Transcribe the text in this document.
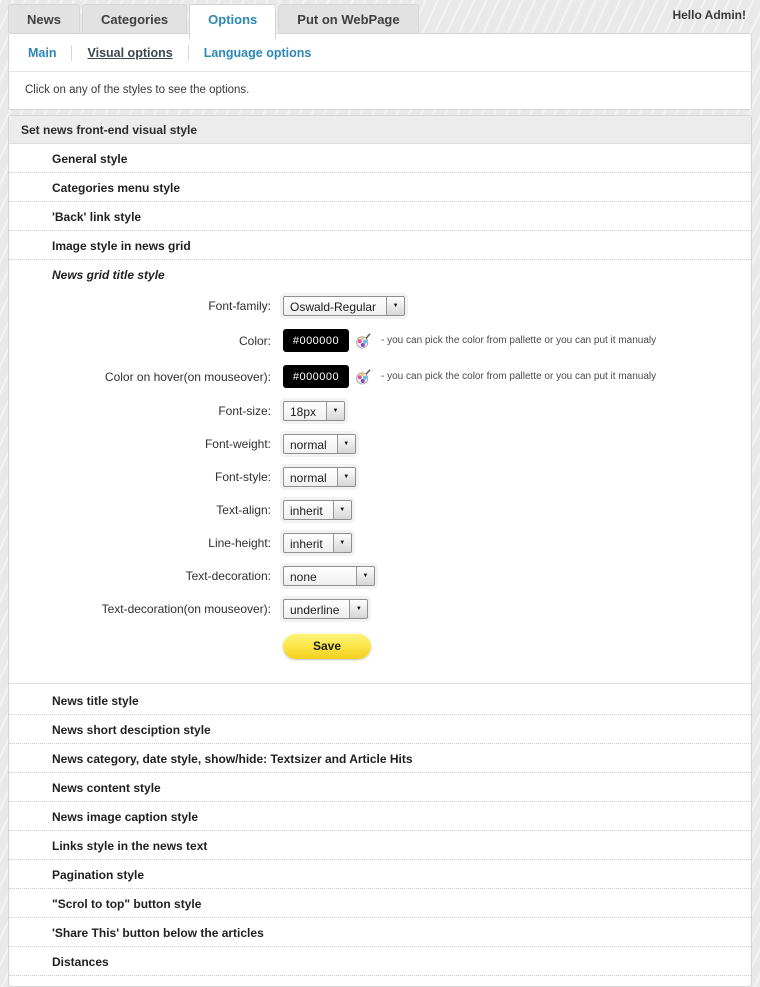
News	Categories	Options	Put on WebPage	Hello Admin!
Main	Visual options	Language options
Click on any of the styles to see the options.
Set news front-end visual style
General style
Categories menu style
'Back' link style
Image style in news grid
News grid title style
Font-family:	Oswald-Regular	▼
Color:	#000000	- you can pick the color from pallette or you can put it manualy
Color on hover(on mouseover):	#000000	- you can pick the color from pallette or you can put it manualy
Font-size:	18px	▼
Font-weight:	normal	▼
Font-style:	normal	▼
Text-align:	inherit	▼
Line-height:	inherit	▼
Text-decoration:	none	▼
Text-decoration(on mouseover):	underline	▼
Save
News title style
News short desciption style
News category, date style, show/hide: Textsizer and Article Hits
News content style
News image caption style
Links style in the news text
Pagination style
"Scrol to top" button style
'Share This' button below the articles
Distances
